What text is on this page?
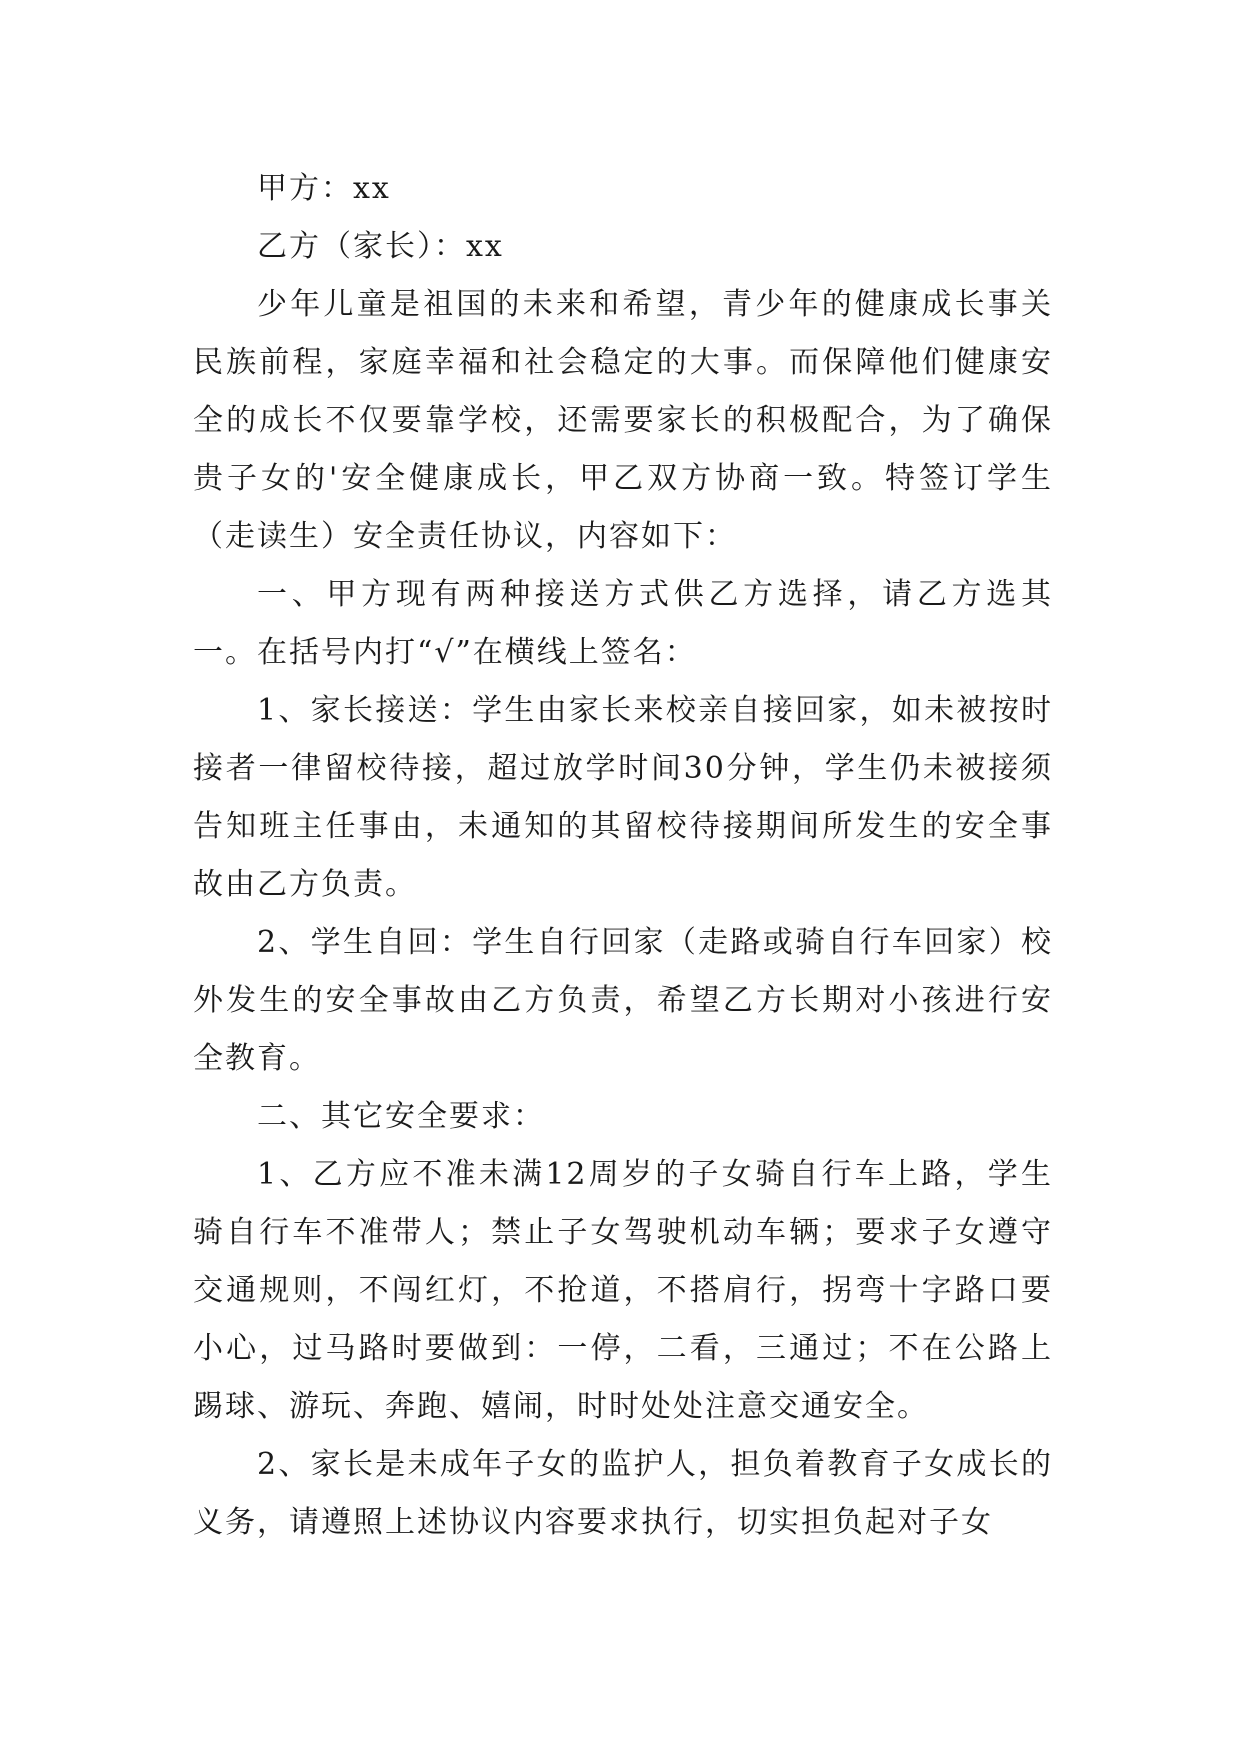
甲方：xx

乙方（家长）：xx

少年儿童是祖国的未来和希望，青少年的健康成长事关民族前程，家庭幸福和社会稳定的大事。而保障他们健康安全的成长不仅要靠学校，还需要家长的积极配合，为了确保贵子女的'安全健康成长，甲乙双方协商一致。特签订学生（走读生）安全责任协议，内容如下：

一、甲方现有两种接送方式供乙方选择，请乙方选其一。在括号内打“√”在横线上签名：

1、家长接送：学生由家长来校亲自接回家，如未被按时接者一律留校待接，超过放学时间30分钟，学生仍未被接须告知班主任事由，未通知的其留校待接期间所发生的安全事故由乙方负责。

2、学生自回：学生自行回家（走路或骑自行车回家）校外发生的安全事故由乙方负责，希望乙方长期对小孩进行安全教育。

二、其它安全要求：

1、乙方应不准未满12周岁的子女骑自行车上路，学生骑自行车不准带人；禁止子女驾驶机动车辆；要求子女遵守交通规则，不闯红灯，不抢道，不搭肩行，拐弯十字路口要小心，过马路时要做到：一停，二看，三通过；不在公路上踢球、游玩、奔跑、嬉闹，时时处处注意交通安全。

2、家长是未成年子女的监护人，担负着教育子女成长的义务，请遵照上述协议内容要求执行，切实担负起对子女
